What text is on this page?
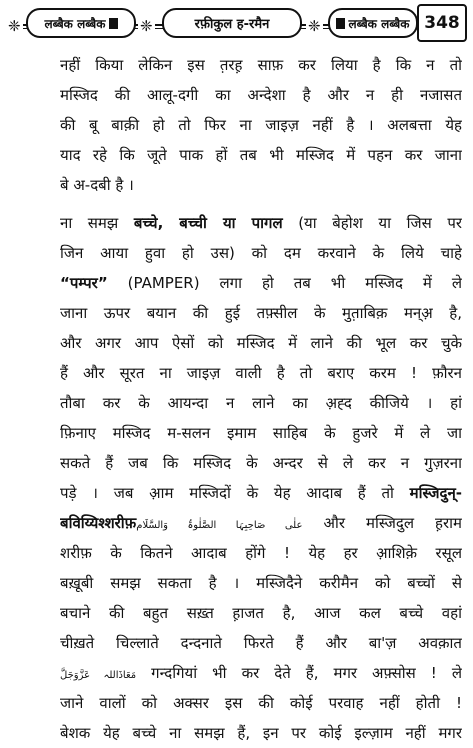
❈	❈	❈
लब्बैक लब्बैक	रफ़ीकुल ह-रमैन	लब्बैक लब्बैक 348
नहीं किया लेकिन इस त़रह़ साफ़ कर लिया है कि न तो
मस्जिद की आलू-दगी का अन्देशा है और न ही नजासत
की बू बाक़ी हो तो फिर ना जाइज़ नहीं है । अलबत्ता येह
याद रहे कि जूते पाक हों तब भी मस्जिद में पहन कर जाना
बे अ-दबी है ।
ना समझ बच्चे, बच्ची या पागल (या बेहोश या जिस पर
जिन आया हुवा हो उस) को दम करवाने के लिये चाहे
“पम्पर” (PAMPER) लगा हो तब भी मस्जिद में ले
जाना ऊपर बयान की हुई तफ़्सील के मुत़ाबिक़ मन्अ़ है,
और अगर आप ऐसों को मस्जिद में लाने की भूल कर चुके
हैं और सूरत ना जाइज़ वाली है तो बराए करम ! फ़ौरन
तौबा कर के आयन्दा न लाने का अ़ह्द कीजिये । हां
फ़िनाए मस्जिद म-सलन इमाम साहिब के हुजरे में ले जा
सकते हैं जब कि मस्जिद के अन्दर से ले कर न गुज़रना
पड़े । जब आ़म मस्जिदों के येह आदाब हैं तो मस्जिदुन्-
बविय्यिश्शरीफ़علٰی صَاحِبِہَا الصَّلٰوۃُ وَالسَّلَام और मस्जिदुल ह़राम
शरीफ़ के कितने आदाब होंगे ! येह हर आ़शिक़े रसूल
बख़ूबी समझ सकता है । मस्जिदैने करीमैन को बच्चों से
बचाने की बहुत सख़्त ह़ाजत है, आज कल बच्चे वहां
चीख़ते चिल्लाते दन्दनाते फिरते हैं और बा'ज़ अवक़ात
مَعَاذَاللہ عَزَّوَجَلَّ गन्दगियां भी कर देते हैं, मगर अफ़्सोस ! ले
जाने वालों को अक्सर इस की कोई परवाह नहीं होती !
बेशक येह बच्चे ना समझ हैं, इन पर कोई इल्ज़ाम नहीं मगर
